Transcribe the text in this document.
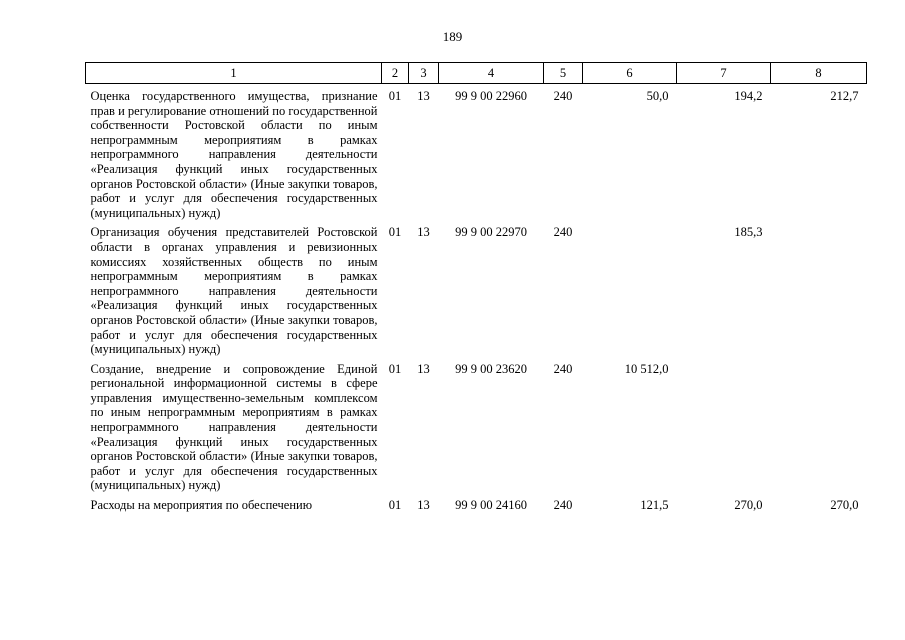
189
1	2	3	4	5	6	7	8
Оценка государственного имущества, признание прав и регулирование отношений по государственной собственности Ростовской области по иным непрограммным мероприятиям в рамках непрограммного направления деятельности «Реализация функций иных государственных органов Ростовской области» (Иные закупки товаров, работ и услуг для обеспечения государственных (муниципальных) нужд)	01	13	99 9 00 22960	240	50,0	194,2	212,7
Организация обучения представителей Ростовской области в органах управления и ревизионных комиссиях хозяйственных обществ по иным непрограммным мероприятиям в рамках непрограммного направления деятельности «Реализация функций иных государственных органов Ростовской области» (Иные закупки товаров, работ и услуг для обеспечения государственных (муниципальных) нужд)	01	13	99 9 00 22970	240		185,3	
Создание, внедрение и сопровождение Единой региональной информационной системы в сфере управления имущественно-земельным комплексом по иным непрограммным мероприятиям в рамках непрограммного направления деятельности «Реализация функций иных государственных органов Ростовской области» (Иные закупки товаров, работ и услуг для обеспечения государственных (муниципальных) нужд)	01	13	99 9 00 23620	240	10 512,0		
Расходы на мероприятия по обеспечению	01	13	99 9 00 24160	240	121,5	270,0	270,0
